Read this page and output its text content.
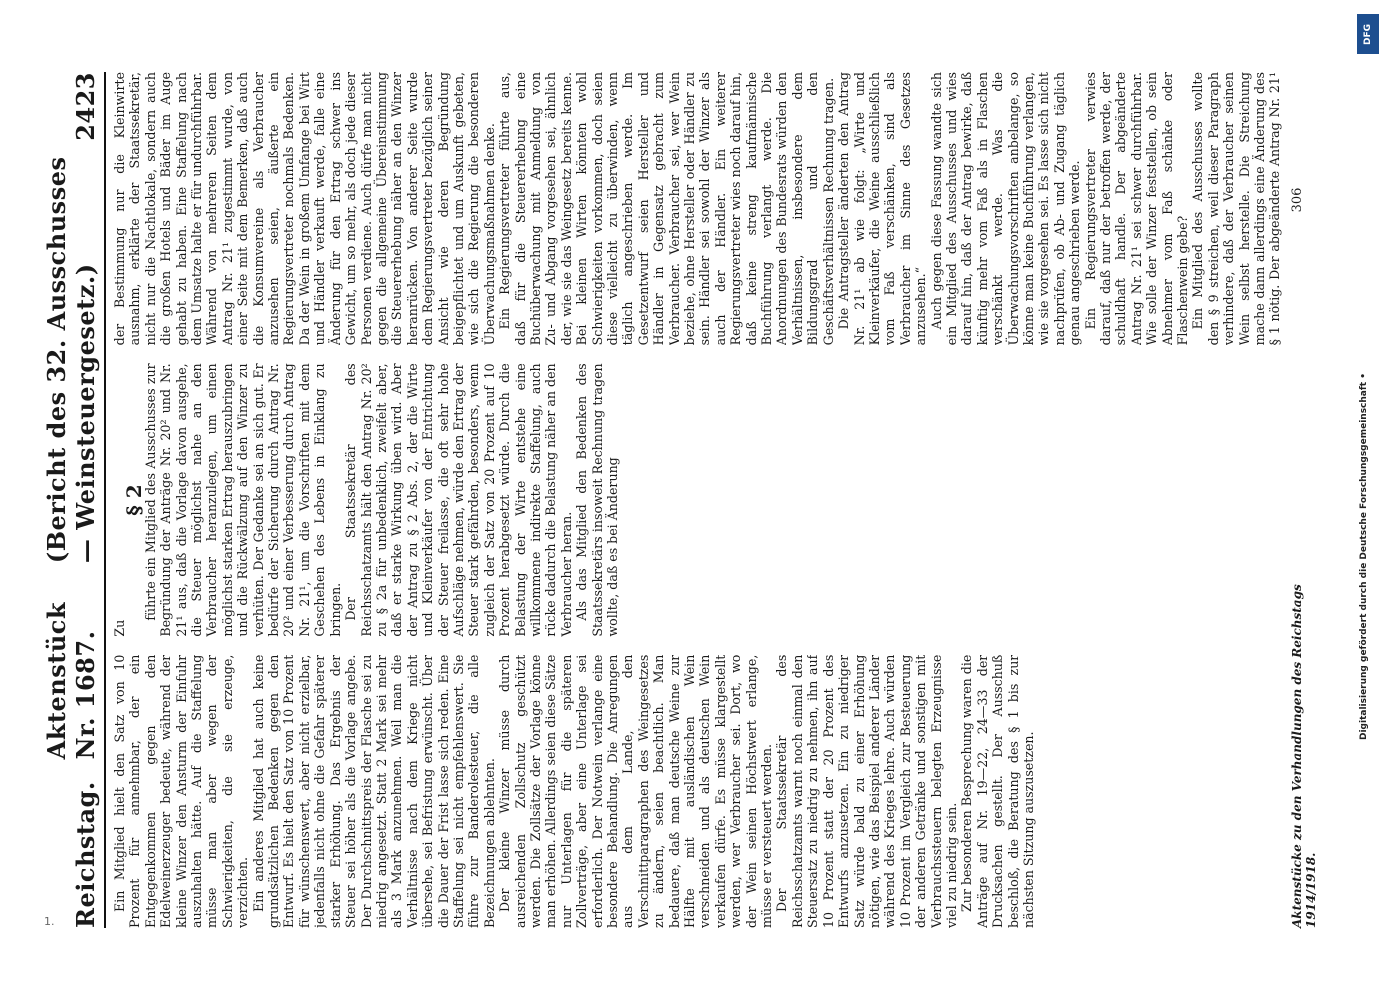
Reichstag.
Aktenstück Nr. 1687.
(Bericht des 32. Ausschusses — Weinsteuergesetz.)
2423

Ein Mitglied hielt den Satz von 10 Prozent für annehmbar, der ein Entgegenkommen gegen den Edelweinerzeuger bedeute, während der kleine Winzer den Ansturm der Einfuhr auszuhalten hätte. Auf die Staffelung müsse man aber wegen der Schwierigkeiten, die sie erzeuge, verzichten. Ein anderes Mitglied hat auch keine grundsätzlichen Bedenken gegen den Entwurf. Es hielt den Satz von 10 Prozent für wünschenswert, aber nicht erzielbar, jedenfalls nicht ohne die Gefahr späterer starker Erhöhung. Das Ergebnis der Steuer sei höher als die Vorlage angebe. Der Durchschnittspreis der Flasche sei zu niedrig angesetzt. Statt 2 Mark sei mehr als 3 Mark anzunehmen. Weil man die Verhältnisse nach dem Kriege nicht übersehe, sei Befristung erwünscht. Über die Dauer der Frist lasse sich reden. Eine Staffelung sei nicht empfehlenswert. Sie führe zur Banderolesteuer, die alle Bezeichnungen ablehnten. Der kleine Winzer müsse durch ausreichenden Zollschutz geschützt werden. Die Zollsätze der Vorlage könne man erhöhen. Allerdings seien diese Sätze nur Unterlagen für die späteren Zollverträge, aber eine Unterlage sei erforderlich. Der Notwein verlange eine besondere Behandlung. Die Anregungen aus dem Lande, den Verschnittparagraphen des Weingesetzes zu ändern, seien beachtlich. Man bedauere, daß man deutsche Weine zur Hälfte mit ausländischen Wein verschneiden und als deutschen Wein verkaufen dürfe. Es müsse klargestellt werden, wer Verbraucher sei. Dort, wo der Wein seinen Höchstwert erlange, müsse er versteuert werden. Der Staatssekretär des Reichsschatzamts warnt noch einmal den Steuersatz zu niedrig zu nehmen, ihn auf 10 Prozent statt der 20 Prozent des Entwurfs anzusetzen. Ein zu niedriger Satz würde bald zu einer Erhöhung nötigen, wie das Beispiel anderer Länder während des Krieges lehre. Auch würden 10 Prozent im Vergleich zur Besteuerung der anderen Getränke und sonstigen mit Verbrauchssteuern belegten Erzeugnisse viel zu niedrig sein. Zur besonderen Besprechung waren die Anträge auf Nr. 19—22, 24—33 der Drucksachen gestellt. Der Ausschuß beschloß, die Beratung des § 1 bis zur nächsten Sitzung auszusetzen.

Zu

§ 2

führte ein Mitglied des Ausschusses zur Begründung der Anträge Nr. 20² und Nr. 21¹ aus, daß die Vorlage davon ausgehe, die Steuer möglichst nahe an den Verbraucher heranzulegen, um einen möglichst starken Ertrag herauszubringen und die Rückwälzung auf den Winzer zu verhüten. Der Gedanke sei an sich gut. Er bedürfe der Sicherung durch Antrag Nr. 20² und einer Verbesserung durch Antrag Nr. 21¹, um die Vorschriften mit dem Geschehen des Lebens in Einklang zu bringen. Der Staatssekretär des Reichsschatzamts hält den Antrag Nr. 20² zu § 2a für unbedenklich, zweifelt aber, daß er starke Wirkung üben wird. Aber der Antrag zu § 2 Abs. 2, der die Wirte und Kleinverkäufer von der Entrichtung der Steuer freilasse, die oft sehr hohe Aufschläge nehmen, würde den Ertrag der Steuer stark gefährden, besonders, wenn zugleich der Satz von 20 Prozent auf 10 Prozent herabgesetzt würde. Durch die Belastung der Wirte entstehe eine willkommene indirekte Staffelung, auch rücke dadurch die Belastung näher an den Verbraucher heran. Als das Mitglied den Bedenken des Staatssekretärs insoweit Rechnung tragen wollte, daß es bei Änderung

der Bestimmung nur die Kleinwirte ausnahm, erklärte der Staatssekretär, nicht nur die Nachtlokale, sondern auch die großen Hotels und Bäder im Auge gehabt zu haben. Eine Staffelung nach dem Umsatze halte er für undurchführbar. Während von mehreren Seiten dem Antrag Nr. 21¹ zugestimmt wurde, von einer Seite mit dem Bemerken, daß auch die Konsumvereine als Verbraucher anzusehen seien, äußerte ein Regierungsvertreter nochmals Bedenken. Da der Wein in großem Umfange bei Wirt und Händler verkauft werde, falle eine Änderung für den Ertrag schwer ins Gewicht, um so mehr, als doch jede dieser Personen verdiene. Auch dürfe man nicht gegen die allgemeine Übereinstimmung die Steuererhebung näher an den Winzer heranrücken. Von anderer Seite wurde dem Regierungsvertreter bezüglich seiner Ansicht wie deren Begründung beigepflichtet und um Auskunft gebeten, wie sich die Regierung die besonderen Überwachungsmaßnahmen denke. Ein Regierungsvertreter führte aus, daß für die Steuererhebung eine Buchüberwachung mit Anmeldung von Zu- und Abgang vorgesehen sei, ähnlich der, wie sie das Weingesetz bereits kenne. Bei kleinen Wirten könnten wohl Schwierigkeiten vorkommen, doch seien diese vielleicht zu überwinden, wenn täglich angeschrieben werde. Im Gesetzentwurf seien Hersteller und Händler in Gegensatz gebracht zum Verbraucher. Verbraucher sei, wer Wein beziehe, ohne Hersteller oder Händler zu sein. Händler sei sowohl der Winzer als auch der Händler. Ein weiterer Regierungsvertreter wies noch darauf hin, daß keine streng kaufmännische Buchführung verlangt werde. Die Anordnungen des Bundesrats würden den Verhältnissen, insbesondere dem Bildungsgrad und den Geschäftsverhältnissen Rechnung tragen. Die Antragsteller änderten den Antrag Nr. 21¹ ab wie folgt: „Wirte und Kleinverkäufer, die Weine ausschließlich vom Faß verschänken, sind als Verbraucher im Sinne des Gesetzes anzusehen.“ Auch gegen diese Fassung wandte sich ein Mitglied des Ausschusses und wies darauf hin, daß der Antrag bewirke, daß künftig mehr vom Faß als in Flaschen verschänkt werde. Was die Überwachungsvorschriften anbelange, so könne man keine Buchführung verlangen, wie sie vorgesehen sei. Es lasse sich nicht nachprüfen, ob Ab- und Zugang täglich genau angeschrieben werde. Ein Regierungsvertreter verwies darauf, daß nur der betroffen werde, der schuldhaft handle. Der abgeänderte Antrag Nr. 21¹ sei schwer durchführbar. Wie solle der Winzer feststellen, ob sein Abnehmer vom Faß schänke oder Flaschenwein gebe? Ein Mitglied des Ausschusses wollte den § 9 streichen, weil dieser Paragraph verhindere, daß der Verbraucher seinen Wein selbst herstelle. Die Streichung mache dann allerdings eine Änderung des § 1 nötig. Der abgeänderte Antrag Nr. 21¹

Aktenstücke zu den Verhandlungen des Reichstags 1914/1918.
306
1.
DFG
Digitalisierung gefördert durch die Deutsche Forschungsgemeinschaft •
